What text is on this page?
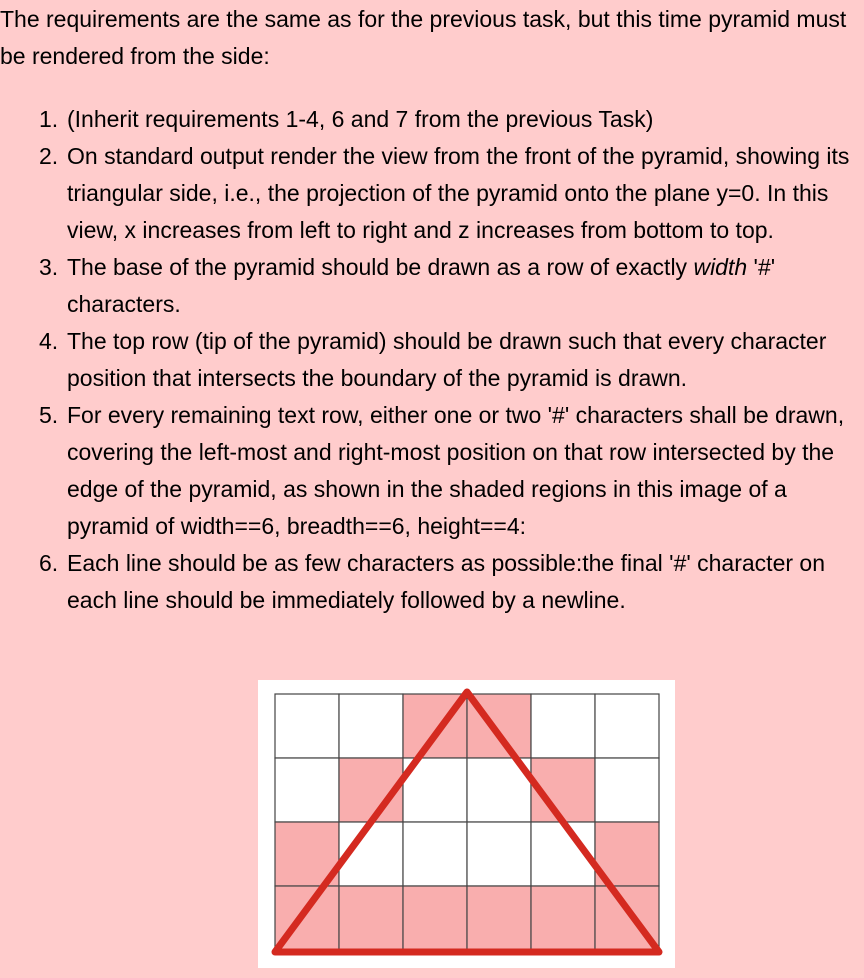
The requirements are the same as for the previous task, but this time pyramid must be rendered from the side:

1. (Inherit requirements 1-4, 6 and 7 from the previous Task)
2. On standard output render the view from the front of the pyramid, showing its triangular side, i.e., the projection of the pyramid onto the plane y=0. In this view, x increases from left to right and z increases from bottom to top.
3. The base of the pyramid should be drawn as a row of exactly width '#' characters.
4. The top row (tip of the pyramid) should be drawn such that every character position that intersects the boundary of the pyramid is drawn.
5. For every remaining text row, either one or two '#' characters shall be drawn, covering the left-most and right-most position on that row intersected by the edge of the pyramid, as shown in the shaded regions in this image of a pyramid of width==6, breadth==6, height==4:
6. Each line should be as few characters as possible:the final '#' character on each line should be immediately followed by a newline.
